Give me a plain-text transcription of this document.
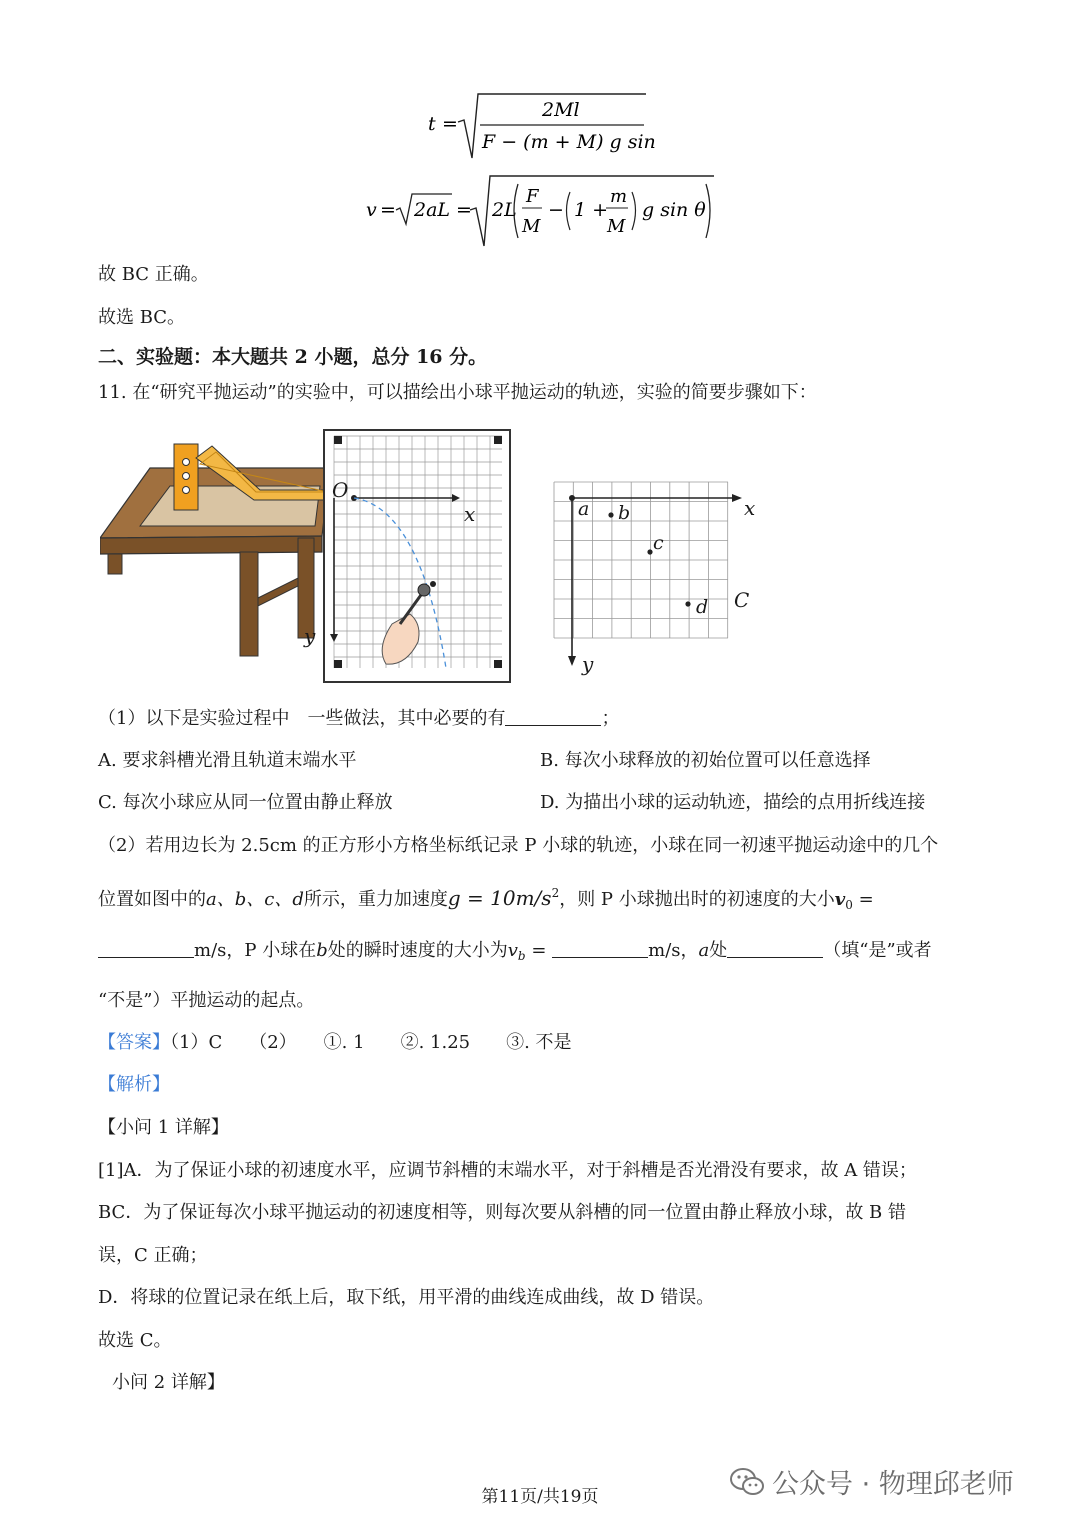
t =
2Ml
F − (m + M) g sin θ
v = 2aL = 2L
F
M
− 1 +
m
M
g sin θ
故 BC 正确。
故选 BC。
二、实验题：本大题共 2 小题，总分 16 分。
11. 在“研究平抛运动”的实验中，可以描绘出小球平抛运动的轨迹，实验的简要步骤如下：
O
x
y
a b
c
d
x
y
C
（1）以下是实验过程中　一些做法，其中必要的有	；
A. 要求斜槽光滑且轨道末端水平	B. 每次小球释放的初始位置可以任意选择
C. 每次小球应从同一位置由静止释放	D. 为描出小球的运动轨迹，描绘的点用折线连接
（2）若用边长为 2.5cm 的正方形小方格坐标纸记录 P 小球的轨迹，小球在同一初速平抛运动途中的几个
位置如图中的a、b、c、d所示，重力加速度$g = 10m/s^2$，则 P 小球抛出时的初速度的大小$v_0$ =
m/s，P 小球在b处的瞬时速度的大小为$v_b$ =	m/s，a处	（填“是”或者
“不是”）平抛运动的起点。
【答案】（1）C　　（2）　　①. 1　　②. 1.25　　③. 不是
【解析】
【小问 1 详解】
[1]A．为了保证小球的初速度水平，应调节斜槽的末端水平，对于斜槽是否光滑没有要求，故 A 错误；
BC．为了保证每次小球平抛运动的初速度相等，则每次要从斜槽的同一位置由静止释放小球，故 B 错
误，C 正确；
D．将球的位置记录在纸上后，取下纸，用平滑的曲线连成曲线，故 D 错误。
故选 C。
小问 2 详解】
第11页/共19页	公众号 · 物理邱老师
